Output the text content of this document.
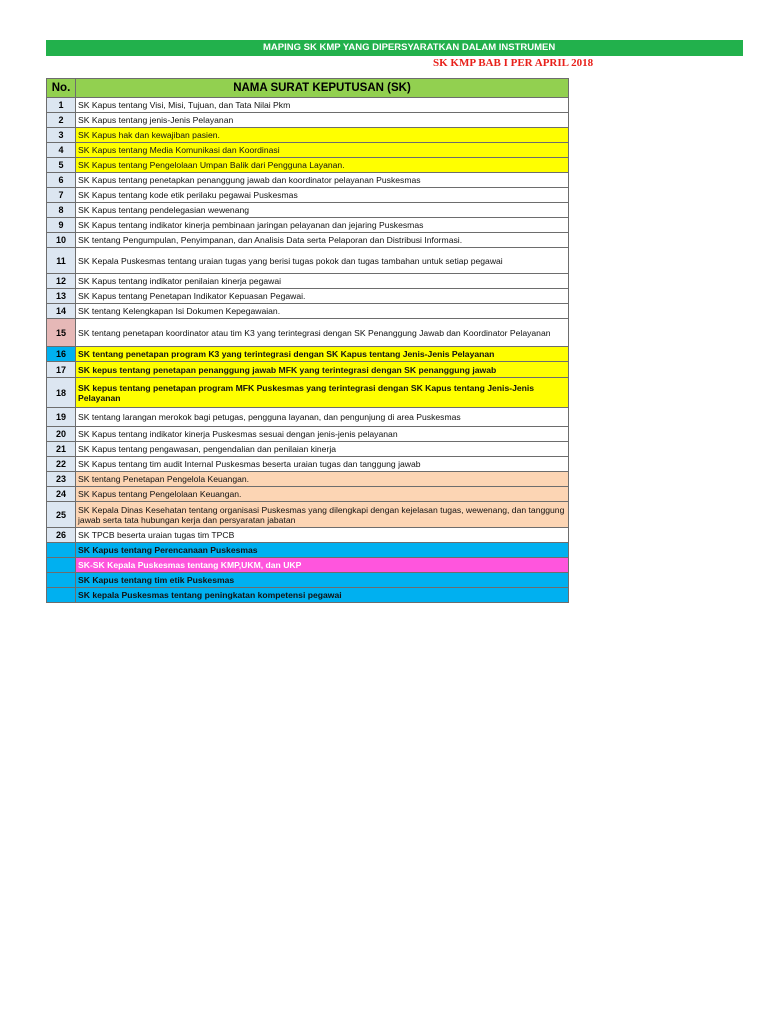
MAPING SK KMP YANG DIPERSYARATKAN DALAM INSTRUMEN
SK KMP BAB I PER APRIL 2018
No.	NAMA SURAT KEPUTUSAN (SK)
1	SK Kapus tentang Visi, Misi, Tujuan, dan Tata Nilai Pkm
2	SK Kapus tentang jenis-Jenis Pelayanan
3	SK Kapus hak dan kewajiban pasien.
4	SK Kapus tentang Media Komunikasi dan Koordinasi
5	SK Kapus tentang Pengelolaan Umpan Balik dari Pengguna Layanan.
6	SK Kapus tentang penetapkan penanggung jawab dan koordinator pelayanan Puskesmas
7	SK Kapus tentang kode etik perilaku pegawai Puskesmas
8	SK Kapus tentang pendelegasian wewenang
9	SK Kapus tentang indikator kinerja pembinaan jaringan pelayanan dan jejaring Puskesmas
10	SK tentang Pengumpulan, Penyimpanan, dan Analisis Data serta Pelaporan dan Distribusi Informasi.
11	SK Kepala Puskesmas tentang uraian tugas yang berisi tugas pokok dan tugas tambahan untuk setiap pegawai
12	SK Kapus tentang indikator penilaian kinerja pegawai
13	SK Kapus tentang Penetapan Indikator Kepuasan Pegawai.
14	SK tentang Kelengkapan Isi Dokumen Kepegawaian.
15	SK tentang penetapan koordinator atau tim K3 yang terintegrasi dengan SK Penanggung Jawab dan Koordinator Pelayanan
16	SK tentang penetapan program K3 yang terintegrasi dengan SK Kapus tentang Jenis-Jenis Pelayanan
17	SK kepus tentang penetapan penanggung jawab MFK yang terintegrasi dengan SK penanggung jawab
18	SK kepus tentang penetapan program MFK Puskesmas yang terintegrasi dengan SK Kapus tentang Jenis-Jenis Pelayanan
19	SK tentang larangan merokok bagi petugas, pengguna layanan, dan pengunjung di area Puskesmas
20	SK Kapus tentang indikator kinerja Puskesmas sesuai dengan jenis-jenis pelayanan
21	SK Kapus tentang pengawasan, pengendalian dan penilaian kinerja
22	SK Kapus tentang tim audit Internal Puskesmas beserta uraian tugas dan tanggung jawab
23	SK tentang Penetapan Pengelola Keuangan.
24	SK Kapus tentang Pengelolaan Keuangan.
25	SK Kepala Dinas Kesehatan tentang organisasi Puskesmas yang dilengkapi dengan kejelasan tugas, wewenang, dan tanggung jawab serta tata hubungan kerja dan persyaratan jabatan
26	SK TPCB beserta uraian tugas tim TPCB
	SK Kapus tentang Perencanaan Puskesmas
	SK-SK Kepala Puskesmas tentang KMP,UKM, dan UKP
	SK Kapus tentang tim etik Puskesmas
	SK kepala Puskesmas tentang peningkatan kompetensi pegawai
